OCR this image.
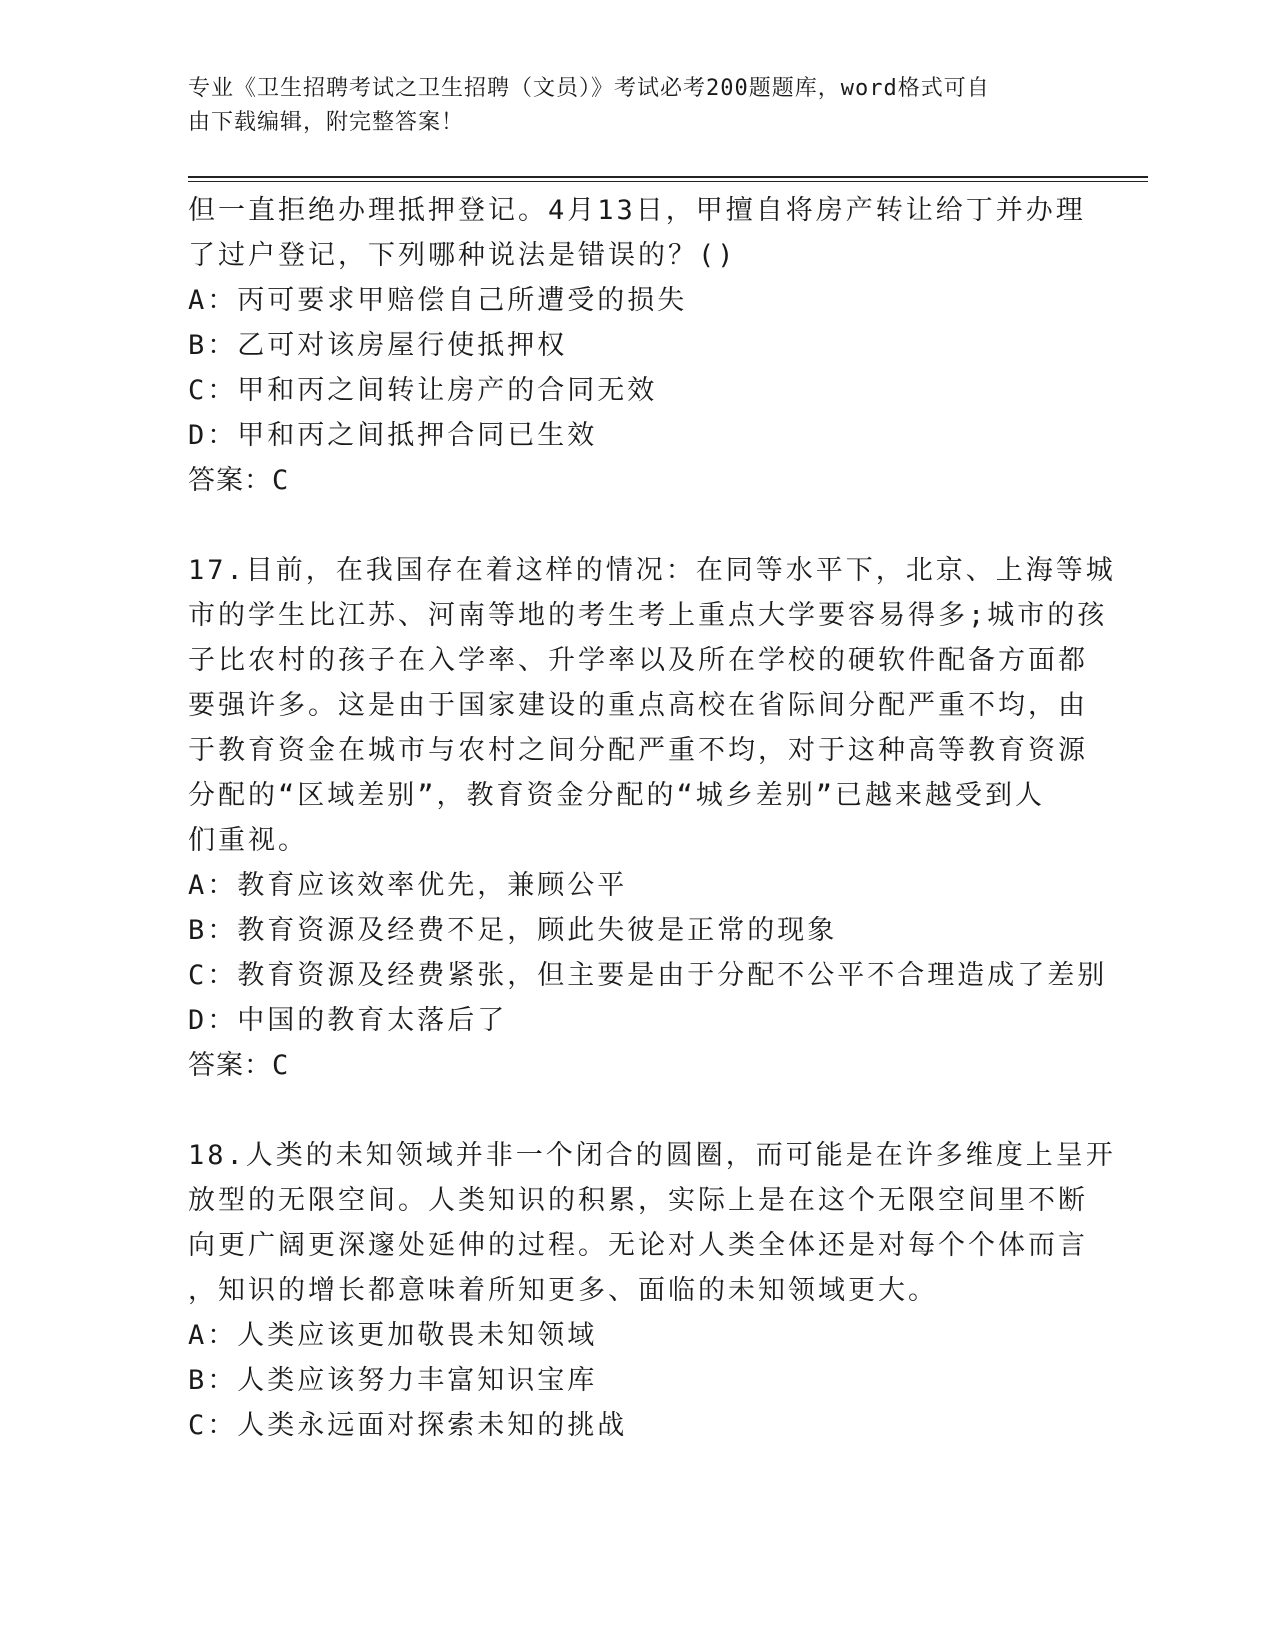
专业《卫生招聘考试之卫生招聘（文员）》考试必考200题题库，word格式可自
由下载编辑，附完整答案！
但一直拒绝办理抵押登记。4月13日，甲擅自将房产转让给丁并办理
了过户登记，下列哪种说法是错误的？()
A：丙可要求甲赔偿自己所遭受的损失
B：乙可对该房屋行使抵押权
C：甲和丙之间转让房产的合同无效
D：甲和丙之间抵押合同已生效
答案：C
17.目前，在我国存在着这样的情况：在同等水平下，北京、上海等城
市的学生比江苏、河南等地的考生考上重点大学要容易得多;城市的孩
子比农村的孩子在入学率、升学率以及所在学校的硬软件配备方面都
要强许多。这是由于国家建设的重点高校在省际间分配严重不均，由
于教育资金在城市与农村之间分配严重不均，对于这种高等教育资源
分配的“区域差别”，教育资金分配的“城乡差别”已越来越受到人
们重视。
A：教育应该效率优先，兼顾公平
B：教育资源及经费不足，顾此失彼是正常的现象
C：教育资源及经费紧张，但主要是由于分配不公平不合理造成了差别
D：中国的教育太落后了
答案：C
18.人类的未知领域并非一个闭合的圆圈，而可能是在许多维度上呈开
放型的无限空间。人类知识的积累，实际上是在这个无限空间里不断
向更广阔更深邃处延伸的过程。无论对人类全体还是对每个个体而言
，知识的增长都意味着所知更多、面临的未知领域更大。
A：人类应该更加敬畏未知领域
B：人类应该努力丰富知识宝库
C：人类永远面对探索未知的挑战
